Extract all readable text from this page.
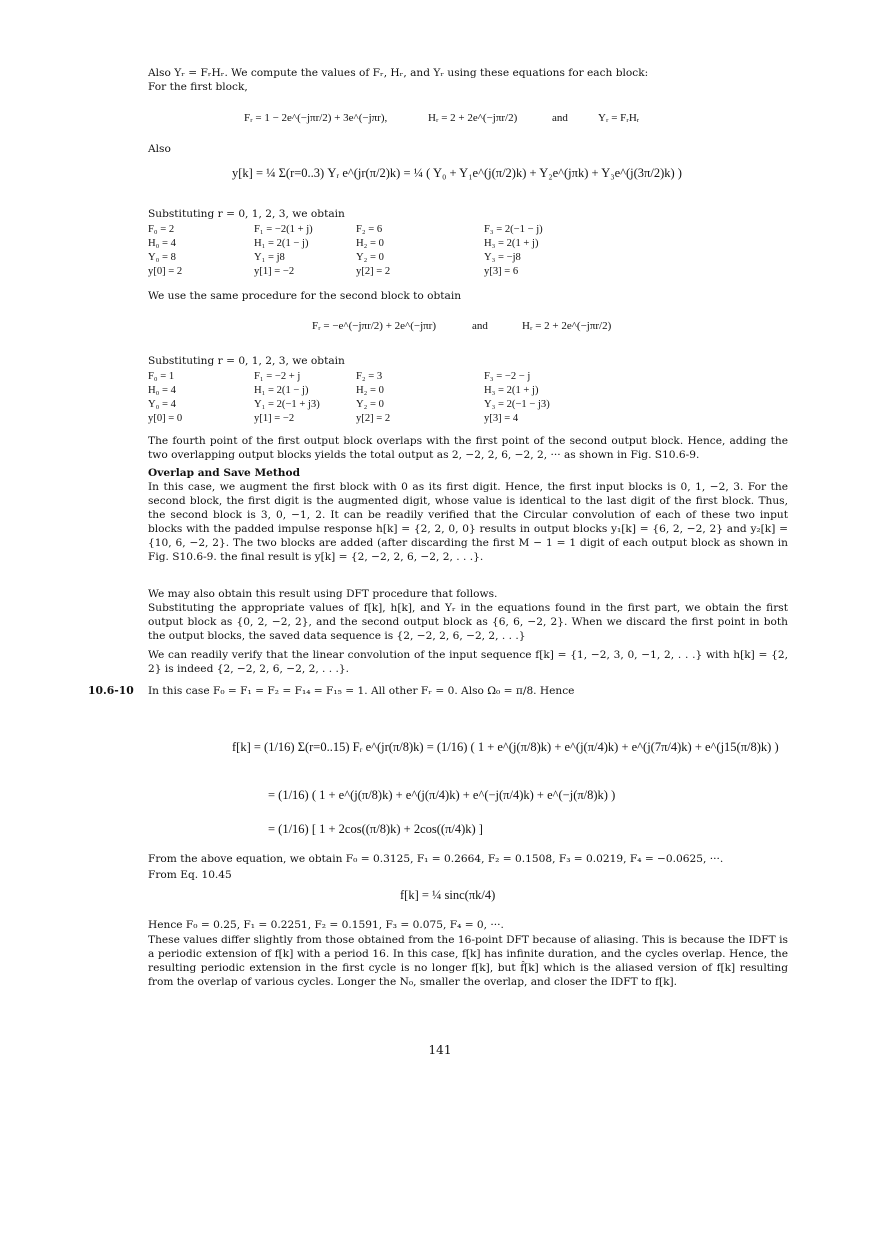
Also Yᵣ = FᵣHᵣ. We compute the values of Fᵣ, Hᵣ, and Yᵣ using these equations for each block:
For the first block,
Fᵣ = 1 − 2e^(−jπr/2) + 3e^(−jπr),	Hᵣ = 2 + 2e^(−jπr/2)	and	Yᵣ = FᵣHᵣ
Also
y[k] = ¼ Σ(r=0..3) Yᵣ e^(jr(π/2)k) = ¼ ( Y₀ + Y₁e^(j(π/2)k) + Y₂e^(jπk) + Y₃e^(j(3π/2)k) )
Substituting r = 0, 1, 2, 3, we obtain
F₀ = 2	F₁ = −2(1 + j)	F₂ = 6	F₃ = 2(−1 − j)
H₀ = 4	H₁ = 2(1 − j)	H₂ = 0	H₃ = 2(1 + j)
Y₀ = 8	Y₁ = j8	Y₂ = 0	Y₃ = −j8
y[0] = 2	y[1] = −2	y[2] = 2	y[3] = 6
We use the same procedure for the second block to obtain
Fᵣ = −e^(−jπr/2) + 2e^(−jπr)	and	Hᵣ = 2 + 2e^(−jπr/2)
Substituting r = 0, 1, 2, 3, we obtain
F₀ = 1	F₁ = −2 + j	F₂ = 3	F₃ = −2 − j
H₀ = 4	H₁ = 2(1 − j)	H₂ = 0	H₃ = 2(1 + j)
Y₀ = 4	Y₁ = 2(−1 + j3)	Y₂ = 0	Y₃ = 2(−1 − j3)
y[0] = 0	y[1] = −2	y[2] = 2	y[3] = 4
The fourth point of the first output block overlaps with the first point of the second output block. Hence, adding the two overlapping output blocks yields the total output as 2, −2, 2, 6, −2, 2, ··· as shown in Fig. S10.6-9.
Overlap and Save Method
In this case, we augment the first block with 0 as its first digit. Hence, the first input blocks is 0, 1, −2, 3. For the second block, the first digit is the augmented digit, whose value is identical to the last digit of the first block. Thus, the second block is 3, 0, −1, 2. It can be readily verified that the Circular convolution of each of these two input blocks with the padded impulse response h[k] = {2, 2, 0, 0} results in output blocks y₁[k] = {6, 2, −2, 2} and y₂[k] = {10, 6, −2, 2}. The two blocks are added (after discarding the first M − 1 = 1 digit of each output block as shown in Fig. S10.6-9. the final result is y[k] = {2, −2, 2, 6, −2, 2, . . .}.
We may also obtain this result using DFT procedure that follows.
Substituting the appropriate values of f[k], h[k], and Yᵣ in the equations found in the first part, we obtain the first output block as {0, 2, −2, 2}, and the second output block as {6, 6, −2, 2}. When we discard the first point in both the output blocks, the saved data sequence is {2, −2, 2, 6, −2, 2, . . .}
We can readily verify that the linear convolution of the input sequence f[k] = {1, −2, 3, 0, −1, 2, . . .} with h[k] = {2, 2} is indeed {2, −2, 2, 6, −2, 2, . . .}.
10.6-10 In this case F₀ = F₁ = F₂ = F₁₄ = F₁₅ = 1. All other Fᵣ = 0. Also Ω₀ = π/8. Hence
f[k] = (1/16) Σ(r=0..15) Fᵣ e^(jr(π/8)k) = (1/16) ( 1 + e^(j(π/8)k) + e^(j(π/4)k) + e^(j(7π/4)k) + e^(j15(π/8)k) )
= (1/16) ( 1 + e^(j(π/8)k) + e^(j(π/4)k) + e^(−j(π/4)k) + e^(−j(π/8)k) )
= (1/16) [ 1 + 2cos((π/8)k) + 2cos((π/4)k) ]
From the above equation, we obtain F₀ = 0.3125, F₁ = 0.2664, F₂ = 0.1508, F₃ = 0.0219, F₄ = −0.0625, ···.
From Eq. 10.45
f[k] = ¼ sinc(πk/4)
Hence F₀ = 0.25, F₁ = 0.2251, F₂ = 0.1591, F₃ = 0.075, F₄ = 0, ···.
These values differ slightly from those obtained from the 16-point DFT because of aliasing. This is because the IDFT is a periodic extension of f[k] with a period 16. In this case, f[k] has infinite duration, and the cycles overlap. Hence, the resulting periodic extension in the first cycle is no longer f[k], but f̂[k] which is the aliased version of f[k] resulting from the overlap of various cycles. Longer the N₀, smaller the overlap, and closer the IDFT to f[k].
141
